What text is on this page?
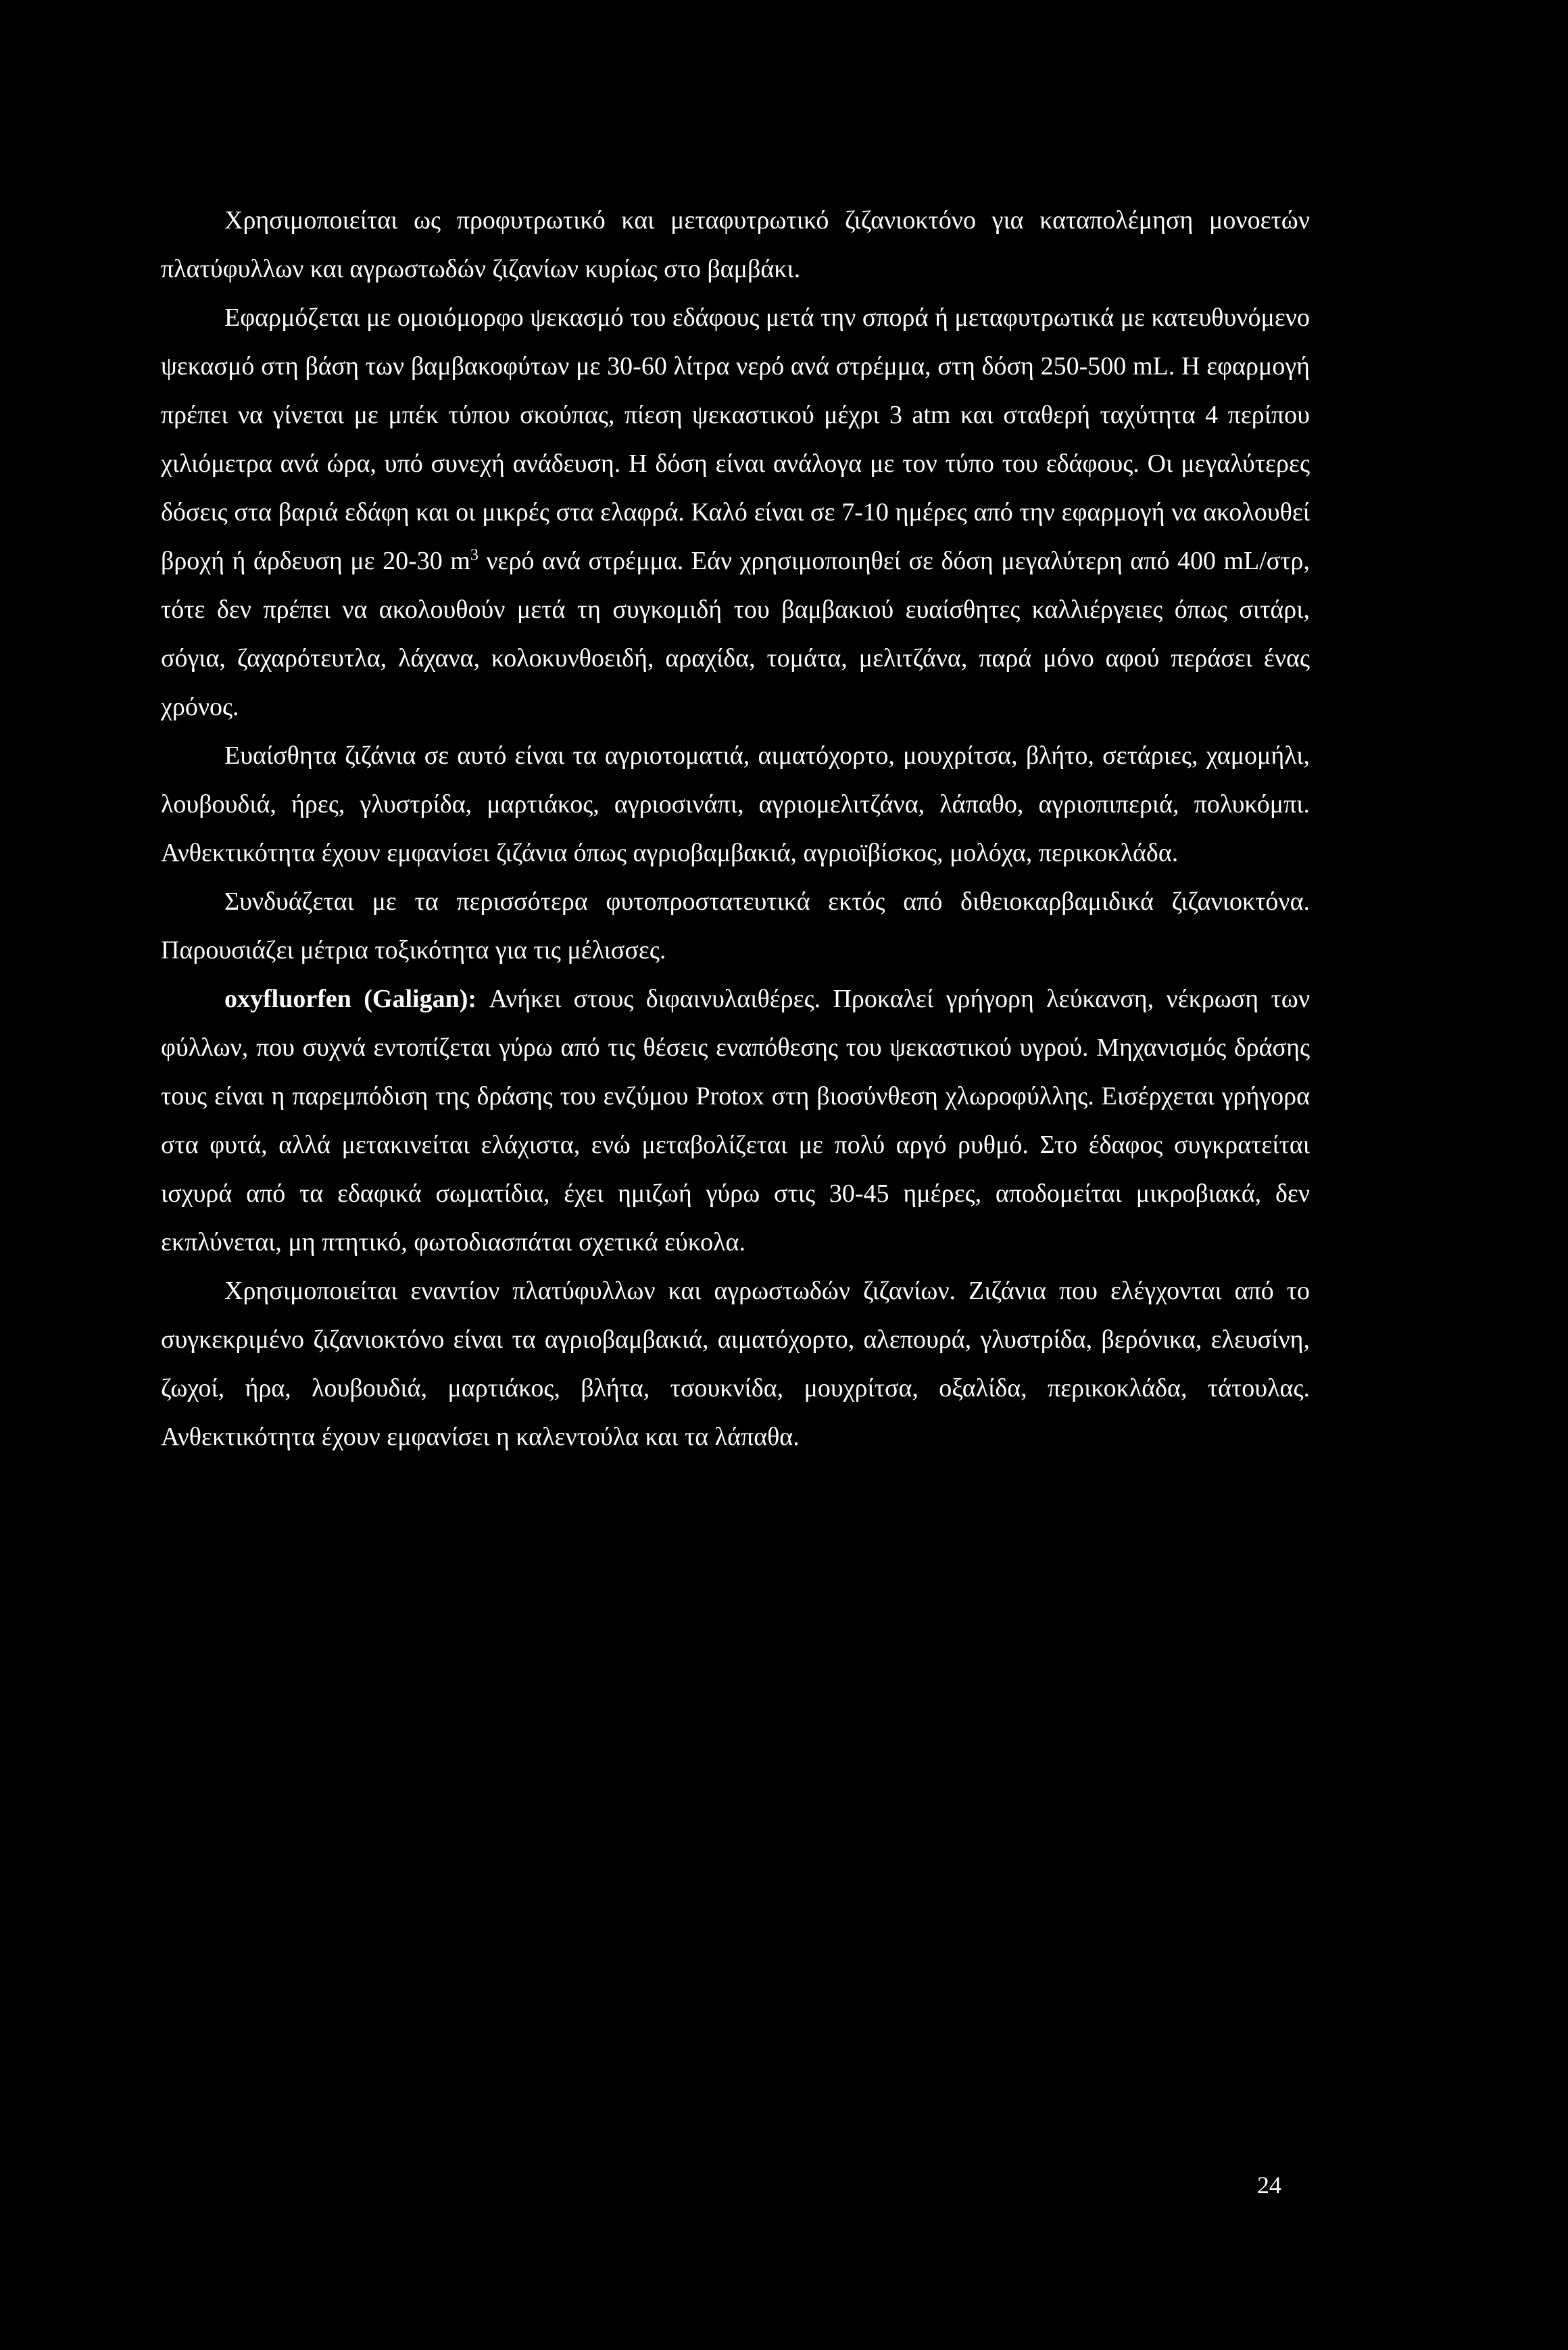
Χρησιμοποιείται ως προφυτρωτικό και μεταφυτρωτικό ζιζανιοκτόνο για καταπολέμηση μονοετών πλατύφυλλων και αγρωστωδών ζιζανίων κυρίως στο βαμβάκι.

Εφαρμόζεται με ομοιόμορφο ψεκασμό του εδάφους μετά την σπορά ή μεταφυτρωτικά με κατευθυνόμενο ψεκασμό στη βάση των βαμβακοφύτων με 30-60 λίτρα νερό ανά στρέμμα, στη δόση 250-500 mL. Η εφαρμογή πρέπει να γίνεται με μπέκ τύπου σκούπας, πίεση ψεκαστικού μέχρι 3 atm και σταθερή ταχύτητα 4 περίπου χιλιόμετρα ανά ώρα, υπό συνεχή ανάδευση. Η δόση είναι ανάλογα με τον τύπο του εδάφους. Οι μεγαλύτερες δόσεις στα βαριά εδάφη και οι μικρές στα ελαφρά. Καλό είναι σε 7-10 ημέρες από την εφαρμογή να ακολουθεί βροχή ή άρδευση με 20-30 $m^3$ νερό ανά στρέμμα. Εάν χρησιμοποιηθεί σε δόση μεγαλύτερη από 400 mL/στρ, τότε δεν πρέπει να ακολουθούν μετά τη συγκομιδή του βαμβακιού ευαίσθητες καλλιέργειες όπως σιτάρι, σόγια, ζαχαρότευτλα, λάχανα, κολοκυνθοειδή, αραχίδα, τομάτα, μελιτζάνα, παρά μόνο αφού περάσει ένας χρόνος.

Ευαίσθητα ζιζάνια σε αυτό είναι τα αγριοτοματιά, αιματόχορτο, μουχρίτσα, βλήτο, σετάριες, χαμομήλι, λουβουδιά, ήρες, γλυστρίδα, μαρτιάκος, αγριοσινάπι, αγριομελιτζάνα, λάπαθο, αγριοπιπεριά, πολυκόμπι. Ανθεκτικότητα έχουν εμφανίσει ζιζάνια όπως αγριοβαμβακιά, αγριοϊβίσκος, μολόχα, περικοκλάδα.

Συνδυάζεται με τα περισσότερα φυτοπροστατευτικά εκτός από διθειοκαρβαμιδικά ζιζανιοκτόνα. Παρουσιάζει μέτρια τοξικότητα για τις μέλισσες.

oxyfluorfen (Galigan): Ανήκει στους διφαινυλαιθέρες. Προκαλεί γρήγορη λεύκανση, νέκρωση των φύλλων, που συχνά εντοπίζεται γύρω από τις θέσεις εναπόθεσης του ψεκαστικού υγρού. Μηχανισμός δράσης τους είναι η παρεμπόδιση της δράσης του ενζύμου Protox στη βιοσύνθεση χλωροφύλλης. Εισέρχεται γρήγορα στα φυτά, αλλά μετακινείται ελάχιστα, ενώ μεταβολίζεται με πολύ αργό ρυθμό. Στο έδαφος συγκρατείται ισχυρά από τα εδαφικά σωματίδια, έχει ημιζωή γύρω στις 30-45 ημέρες, αποδομείται μικροβιακά, δεν εκπλύνεται, μη πτητικό, φωτοδιασπάται σχετικά εύκολα.

Χρησιμοποιείται εναντίον πλατύφυλλων και αγρωστωδών ζιζανίων. Ζιζάνια που ελέγχονται από το συγκεκριμένο ζιζανιοκτόνο είναι τα αγριοβαμβακιά, αιματόχορτο, αλεπουρά, γλυστρίδα, βερόνικα, ελευσίνη, ζωχοί, ήρα, λουβουδιά, μαρτιάκος, βλήτα, τσουκνίδα, μουχρίτσα, οξαλίδα, περικοκλάδα, τάτουλας. Ανθεκτικότητα έχουν εμφανίσει η καλεντούλα και τα λάπαθα.

24
